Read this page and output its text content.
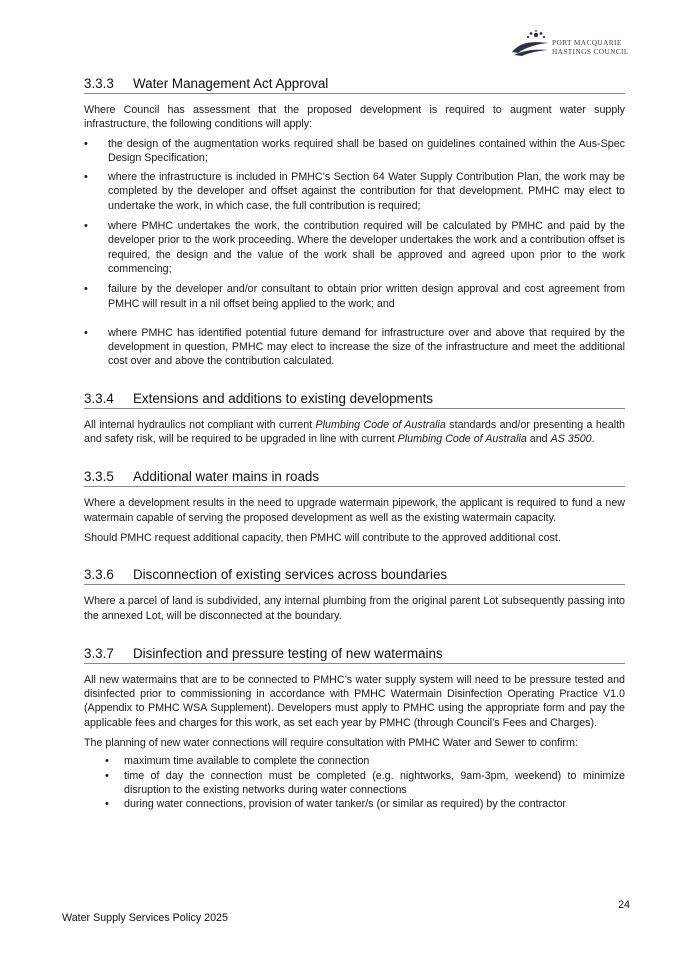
PORT MACQUARIE
HASTINGS COUNCIL
3.3.3 Water Management Act Approval

Where Council has assessment that the proposed development is required to augment water supply infrastructure, the following conditions will apply:

• the design of the augmentation works required shall be based on guidelines contained within the Aus-Spec Design Specification;
• where the infrastructure is included in PMHC’s Section 64 Water Supply Contribution Plan, the work may be completed by the developer and offset against the contribution for that development. PMHC may elect to undertake the work, in which case, the full contribution is required;
• where PMHC undertakes the work, the contribution required will be calculated by PMHC and paid by the developer prior to the work proceeding. Where the developer undertakes the work and a contribution offset is required, the design and the value of the work shall be approved and agreed upon prior to the work commencing;
• failure by the developer and/or consultant to obtain prior written design approval and cost agreement from PMHC will result in a nil offset being applied to the work; and
• where PMHC has identified potential future demand for infrastructure over and above that required by the development in question, PMHC may elect to increase the size of the infrastructure and meet the additional cost over and above the contribution calculated.
3.3.4 Extensions and additions to existing developments

All internal hydraulics not compliant with current Plumbing Code of Australia standards and/or presenting a health and safety risk, will be required to be upgraded in line with current Plumbing Code of Australia and AS 3500.

3.3.5 Additional water mains in roads

Where a development results in the need to upgrade watermain pipework, the applicant is required to fund a new watermain capable of serving the proposed development as well as the existing watermain capacity.

Should PMHC request additional capacity, then PMHC will contribute to the approved additional cost.

3.3.6 Disconnection of existing services across boundaries

Where a parcel of land is subdivided, any internal plumbing from the original parent Lot subsequently passing into the annexed Lot, will be disconnected at the boundary.

3.3.7 Disinfection and pressure testing of new watermains

All new watermains that are to be connected to PMHC’s water supply system will need to be pressure tested and disinfected prior to commissioning in accordance with PMHC Watermain Disinfection Operating Practice V1.0 (Appendix to PMHC WSA Supplement). Developers must apply to PMHC using the appropriate form and pay the applicable fees and charges for this work, as set each year by PMHC (through Council’s Fees and Charges).

The planning of new water connections will require consultation with PMHC Water and Sewer to confirm:

• maximum time available to complete the connection
• time of day the connection must be completed (e.g. nightworks, 9am-3pm, weekend) to minimize disruption to the existing networks during water connections
• during water connections, provision of water tanker/s (or similar as required) by the contractor
24
Water Supply Services Policy 2025
